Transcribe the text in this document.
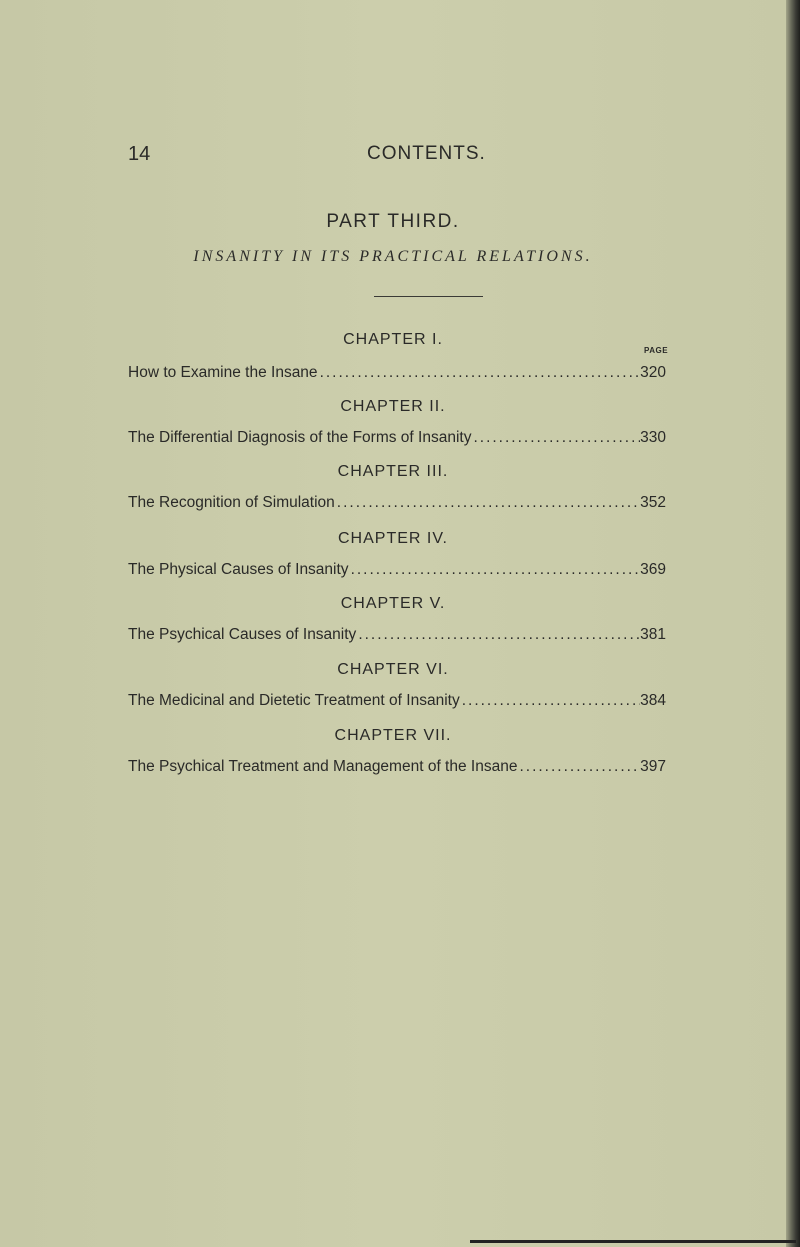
14	CONTENTS.
PART THIRD.
INSANITY IN ITS PRACTICAL RELATIONS.
CHAPTER I.
PAGE
How to Examine the Insane .....	320
CHAPTER II.
The Differential Diagnosis of the Forms of Insanity .....	330
CHAPTER III.
The Recognition of Simulation .....	352
CHAPTER IV.
The Physical Causes of Insanity .....	369
CHAPTER V.
The Psychical Causes of Insanity .....	381
CHAPTER VI.
The Medicinal and Dietetic Treatment of Insanity .....	384
CHAPTER VII.
The Psychical Treatment and Management of the Insane .....	397
